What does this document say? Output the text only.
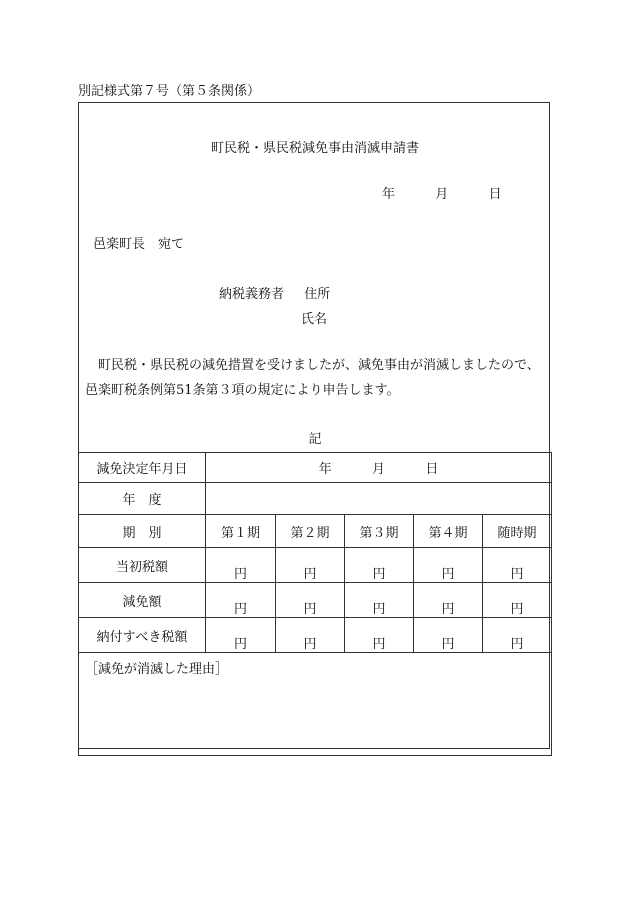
別記様式第７号（第５条関係）
町民税・県民税減免事由消滅申請書
年	月	日
邑楽町長　宛て
納税義務者 住所
氏名
町民税・県民税の減免措置を受けましたが、減免事由が消滅しましたので、
邑楽町税条例第51条第３項の規定により申告します。
記
減免決定年月日	年 月 日				
年　度					
期　別	第１期	第２期	第３期	第４期	随時期
当初税額	円	円	円	円	円
減免額	円	円	円	円	円
納付すべき税額	円	円	円	円	円
［減免が消滅した理由］					
